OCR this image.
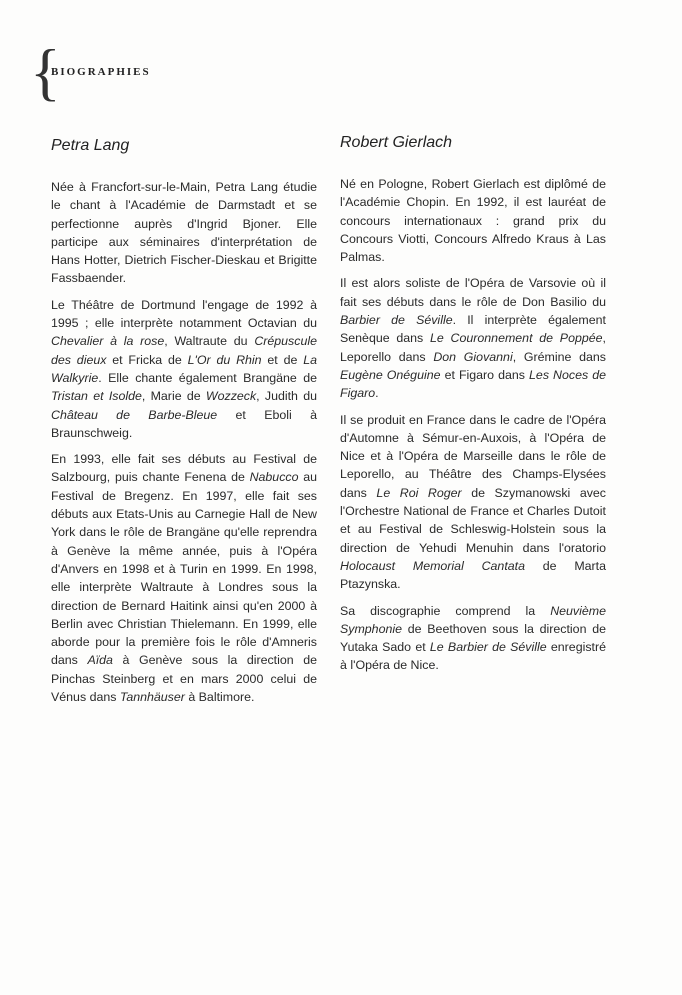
{
BIOGRAPHIES
Petra Lang

Née à Francfort-sur-le-Main, Petra Lang étudie le chant à l'Académie de Darmstadt et se perfectionne auprès d'Ingrid Bjoner. Elle participe aux séminaires d'interprétation de Hans Hotter, Dietrich Fischer-Dieskau et Brigitte Fassbaender.

Le Théâtre de Dortmund l'engage de 1992 à 1995 ; elle interprète notamment Octavian du Chevalier à la rose, Waltraute du Crépuscule des dieux et Fricka de L'Or du Rhin et de La Walkyrie. Elle chante également Brangäne de Tristan et Isolde, Marie de Wozzeck, Judith du Château de Barbe-Bleue et Eboli à Braunschweig.

En 1993, elle fait ses débuts au Festival de Salzbourg, puis chante Fenena de Nabucco au Festival de Bregenz. En 1997, elle fait ses débuts aux Etats-Unis au Carnegie Hall de New York dans le rôle de Brangäne qu'elle reprendra à Genève la même année, puis à l'Opéra d'Anvers en 1998 et à Turin en 1999. En 1998, elle interprète Waltraute à Londres sous la direction de Bernard Haitink ainsi qu'en 2000 à Berlin avec Christian Thielemann. En 1999, elle aborde pour la première fois le rôle d'Amneris dans Aïda à Genève sous la direction de Pinchas Steinberg et en mars 2000 celui de Vénus dans Tannhäuser à Baltimore.

Robert Gierlach

Né en Pologne, Robert Gierlach est diplômé de l'Académie Chopin. En 1992, il est lauréat de concours internationaux : grand prix du Concours Viotti, Concours Alfredo Kraus à Las Palmas.

Il est alors soliste de l'Opéra de Varsovie où il fait ses débuts dans le rôle de Don Basilio du Barbier de Séville. Il interprète également Senèque dans Le Couronnement de Poppée, Leporello dans Don Giovanni, Grémine dans Eugène Onéguine et Figaro dans Les Noces de Figaro.

Il se produit en France dans le cadre de l'Opéra d'Automne à Sémur-en-Auxois, à l'Opéra de Nice et à l'Opéra de Marseille dans le rôle de Leporello, au Théâtre des Champs-Elysées dans Le Roi Roger de Szymanowski avec l'Orchestre National de France et Charles Dutoit et au Festival de Schleswig-Holstein sous la direction de Yehudi Menuhin dans l'oratorio Holocaust Memorial Cantata de Marta Ptazynska.

Sa discographie comprend la Neuvième Symphonie de Beethoven sous la direction de Yutaka Sado et Le Barbier de Séville enregistré à l'Opéra de Nice.
